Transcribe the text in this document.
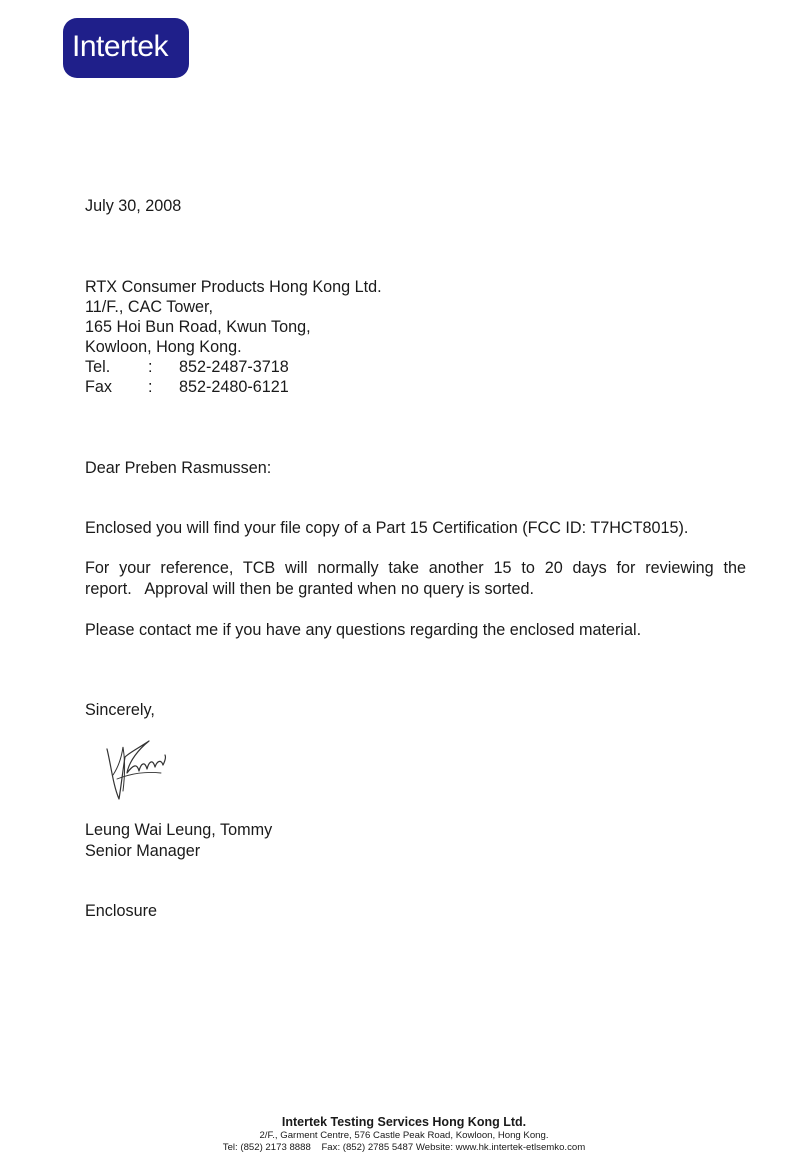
Intertek
July 30, 2008
RTX Consumer Products Hong Kong Ltd.
11/F., CAC Tower,
165 Hoi Bun Road, Kwun Tong,
Kowloon, Hong Kong.
Tel. : 852-2487-3718
Fax : 852-2480-6121
Dear Preben Rasmussen:
Enclosed you will find your file copy of a Part 15 Certification (FCC ID: T7HCT8015).
For your reference, TCB will normally take another 15 to 20 days for reviewing the
report.   Approval will then be granted when no query is sorted.
Please contact me if you have any questions regarding the enclosed material.
Sincerely,
Leung Wai Leung, Tommy
Senior Manager
Enclosure
Intertek Testing Services Hong Kong Ltd.
2/F., Garment Centre, 576 Castle Peak Road, Kowloon, Hong Kong.
Tel: (852) 2173 8888    Fax: (852) 2785 5487 Website: www.hk.intertek-etlsemko.com
